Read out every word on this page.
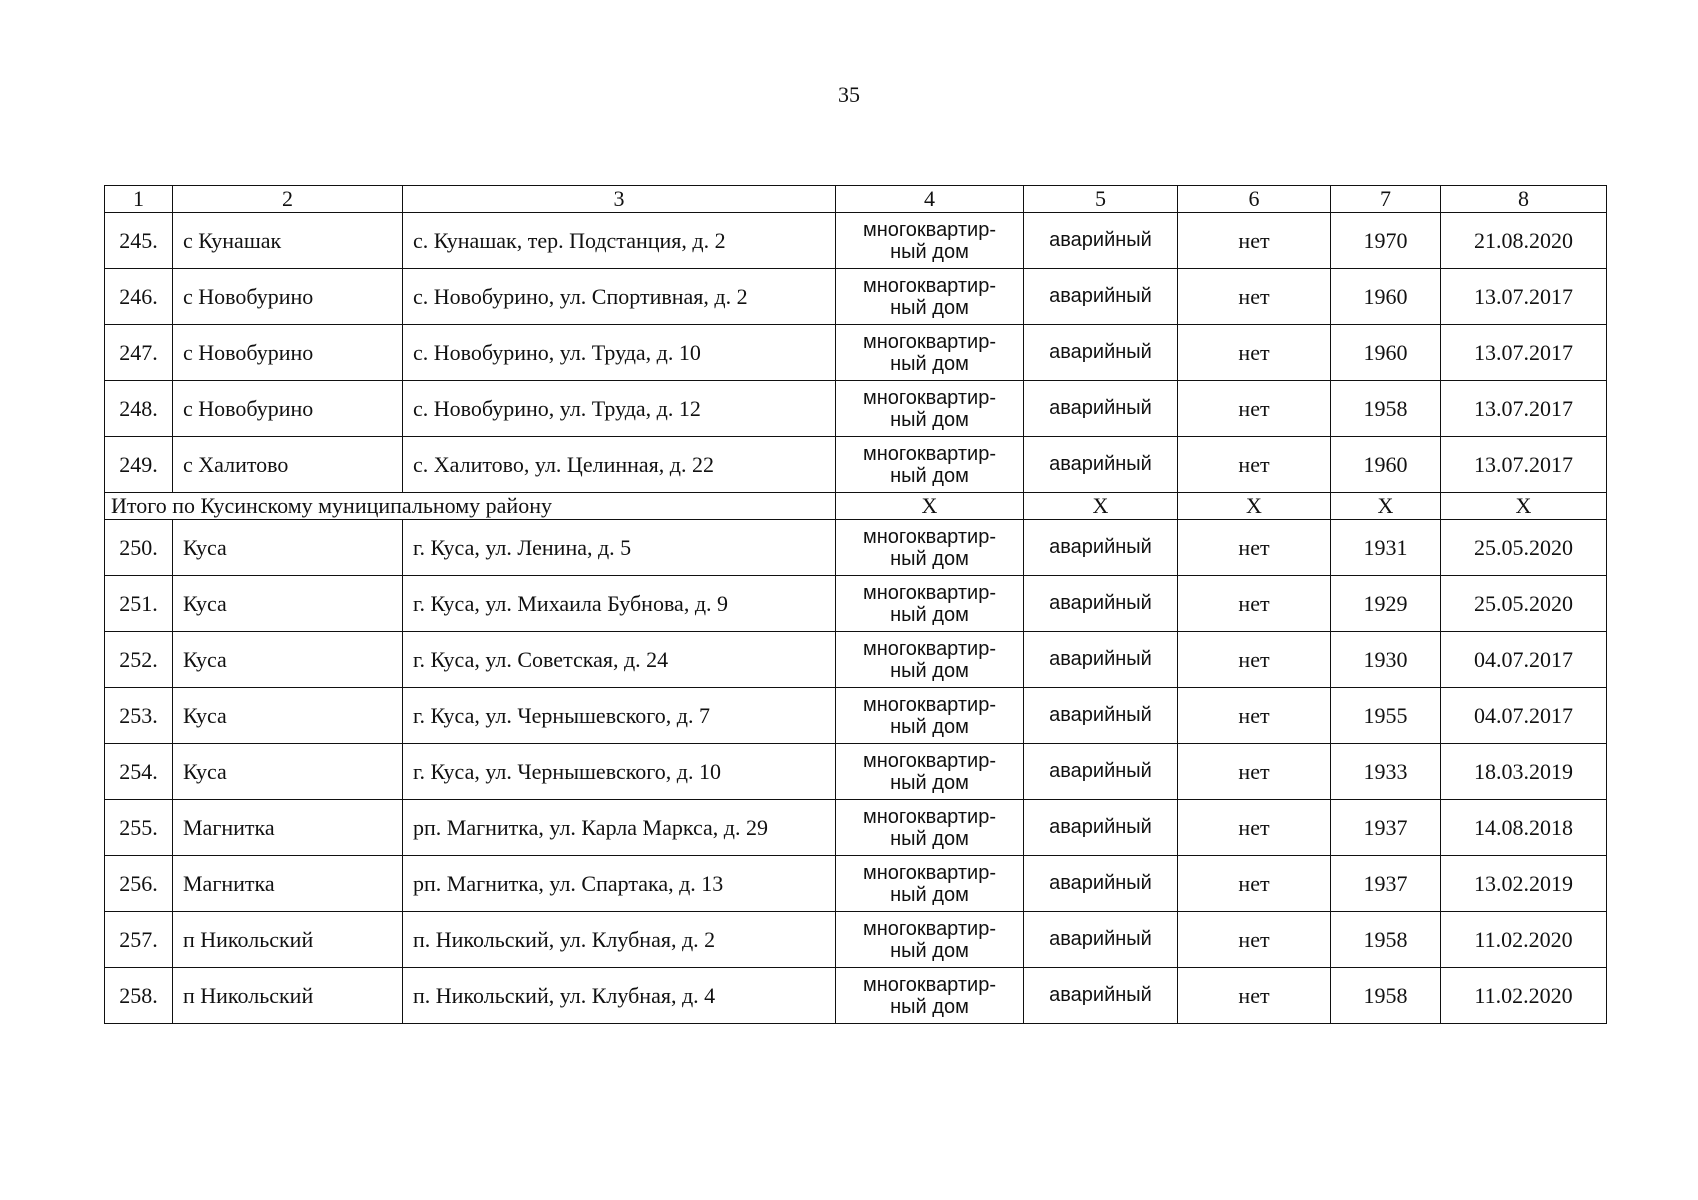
35
1	2	3	4	5	6	7	8
245.	с Кунашак	с. Кунашак, тер. Подстанция, д. 2	многоквартир-
ный дом	аварийный	нет	1970	21.08.2020
246.	с Новобурино	с. Новобурино, ул. Спортивная, д. 2	многоквартир-
ный дом	аварийный	нет	1960	13.07.2017
247.	с Новобурино	с. Новобурино, ул. Труда, д. 10	многоквартир-
ный дом	аварийный	нет	1960	13.07.2017
248.	с Новобурино	с. Новобурино, ул. Труда, д. 12	многоквартир-
ный дом	аварийный	нет	1958	13.07.2017
249.	с Халитово	с. Халитово, ул. Целинная, д. 22	многоквартир-
ный дом	аварийный	нет	1960	13.07.2017
Итого по Кусинскому муниципальному району			X	X	X	X	X
250.	Куса	г. Куса, ул. Ленина, д. 5	многоквартир-
ный дом	аварийный	нет	1931	25.05.2020
251.	Куса	г. Куса, ул. Михаила Бубнова, д. 9	многоквартир-
ный дом	аварийный	нет	1929	25.05.2020
252.	Куса	г. Куса, ул. Советская, д. 24	многоквартир-
ный дом	аварийный	нет	1930	04.07.2017
253.	Куса	г. Куса, ул. Чернышевского, д. 7	многоквартир-
ный дом	аварийный	нет	1955	04.07.2017
254.	Куса	г. Куса, ул. Чернышевского, д. 10	многоквартир-
ный дом	аварийный	нет	1933	18.03.2019
255.	Магнитка	рп. Магнитка, ул. Карла Маркса, д. 29	многоквартир-
ный дом	аварийный	нет	1937	14.08.2018
256.	Магнитка	рп. Магнитка, ул. Спартака, д. 13	многоквартир-
ный дом	аварийный	нет	1937	13.02.2019
257.	п Никольский	п. Никольский, ул. Клубная, д. 2	многоквартир-
ный дом	аварийный	нет	1958	11.02.2020
258.	п Никольский	п. Никольский, ул. Клубная, д. 4	многоквартир-
ный дом	аварийный	нет	1958	11.02.2020
